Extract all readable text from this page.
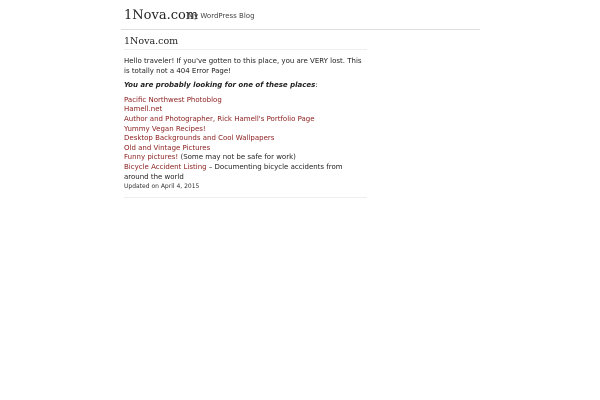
1Nova.com
My WordPress Blog
1Nova.com

Hello traveler! If you've gotten to this place, you are VERY lost. This is totally not a 404 Error Page!

You are probably looking for one of these places:

Pacific Northwest Photoblog
Hamell.net
Author and Photographer, Rick Hamell's Portfolio Page
Yummy Vegan Recipes!
Desktop Backgrounds and Cool Wallpapers
Old and Vintage Pictures
Funny pictures! (Some may not be safe for work)
Bicycle Accident Listing – Documenting bicycle accidents from around the world

Updated on April 4, 2015
